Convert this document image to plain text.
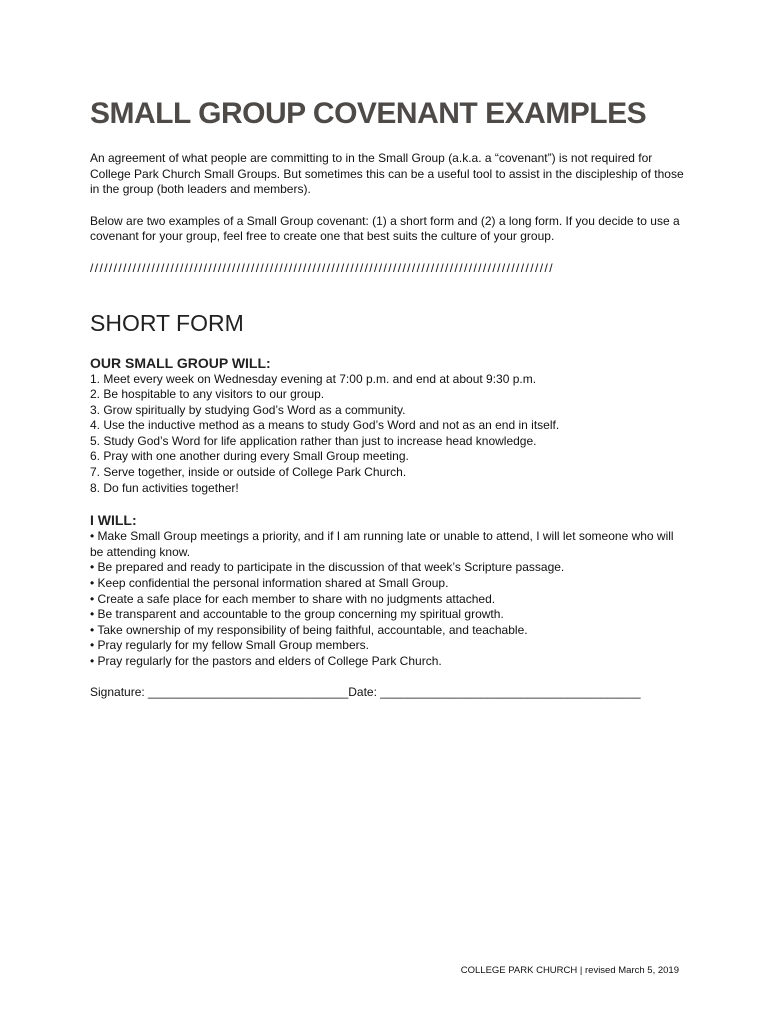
SMALL GROUP COVENANT EXAMPLES

An agreement of what people are committing to in the Small Group (a.k.a. a “covenant”) is not required for College Park Church Small Groups. But sometimes this can be a useful tool to assist in the discipleship of those in the group (both leaders and members).

Below are two examples of a Small Group covenant: (1) a short form and (2) a long form. If you decide to use a covenant for your group, feel free to create one that best suits the culture of your group.

//////////////////////////////////////////////////////////////////////////////////////////////////

SHORT FORM
OUR SMALL GROUP WILL:
1. Meet every week on Wednesday evening at 7:00 p.m. and end at about 9:30 p.m.
2. Be hospitable to any visitors to our group.
3. Grow spiritually by studying God’s Word as a community.
4. Use the inductive method as a means to study God’s Word and not as an end in itself.
5. Study God’s Word for life application rather than just to increase head knowledge.
6. Pray with one another during every Small Group meeting.
7. Serve together, inside or outside of College Park Church.
8. Do fun activities together!
I WILL:
• Make Small Group meetings a priority, and if I am running late or unable to attend, I will let someone who will be attending know.
• Be prepared and ready to participate in the discussion of that week’s Scripture passage.
• Keep confidential the personal information shared at Small Group.
• Create a safe place for each member to share with no judgments attached.
• Be transparent and accountable to the group concerning my spiritual growth.
• Take ownership of my responsibility of being faithful, accountable, and teachable.
• Pray regularly for my fellow Small Group members.
• Pray regularly for the pastors and elders of College Park Church.
Signature: ______________________________Date: _______________________________________
COLLEGE PARK CHURCH | revised March 5, 2019
